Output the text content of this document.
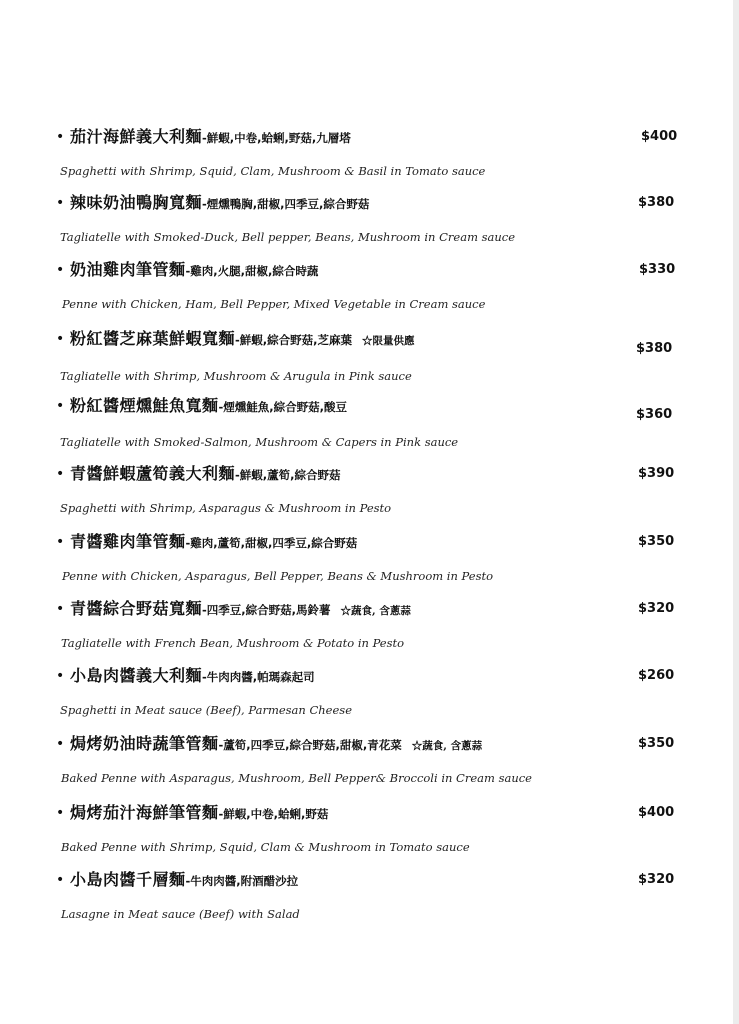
• 茄汁海鮮義大利麵-鮮蝦,中卷,蛤蜊,野菇,九層塔	$400
Spaghetti with Shrimp, Squid, Clam, Mushroom & Basil in Tomato sauce
• 辣味奶油鴨胸寬麵-煙燻鴨胸,甜椒,四季豆,綜合野菇	$380
Tagliatelle with Smoked-Duck, Bell pepper, Beans, Mushroom in Cream sauce
• 奶油雞肉筆管麵-雞肉,火腿,甜椒,綜合時蔬	$330
Penne with Chicken, Ham, Bell Pepper, Mixed Vegetable in Cream sauce
• 粉紅醬芝麻葉鮮蝦寬麵-鮮蝦,綜合野菇,芝麻葉 ☆限量供應	$380
Tagliatelle with Shrimp, Mushroom & Arugula in Pink sauce
• 粉紅醬煙燻鮭魚寬麵-煙燻鮭魚,綜合野菇,酸豆	$360
Tagliatelle with Smoked-Salmon, Mushroom & Capers in Pink sauce
• 青醬鮮蝦蘆筍義大利麵-鮮蝦,蘆筍,綜合野菇	$390
Spaghetti with Shrimp, Asparagus & Mushroom in Pesto
• 青醬雞肉筆管麵-雞肉,蘆筍,甜椒,四季豆,綜合野菇	$350
Penne with Chicken, Asparagus, Bell Pepper, Beans & Mushroom in Pesto
• 青醬綜合野菇寬麵-四季豆,綜合野菇,馬鈴薯 ☆蔬食, 含蔥蒜	$320
Tagliatelle with French Bean, Mushroom & Potato in Pesto
• 小島肉醬義大利麵-牛肉肉醬,帕瑪森起司	$260
Spaghetti in Meat sauce (Beef), Parmesan Cheese
• 焗烤奶油時蔬筆管麵-蘆筍,四季豆,綜合野菇,甜椒,青花菜 ☆蔬食, 含蔥蒜	$350
Baked Penne with Asparagus, Mushroom, Bell Pepper& Broccoli in Cream sauce
• 焗烤茄汁海鮮筆管麵-鮮蝦,中卷,蛤蜊,野菇	$400
Baked Penne with Shrimp, Squid, Clam & Mushroom in Tomato sauce
• 小島肉醬千層麵-牛肉肉醬,附酒醋沙拉	$320
Lasagne in Meat sauce (Beef) with Salad
